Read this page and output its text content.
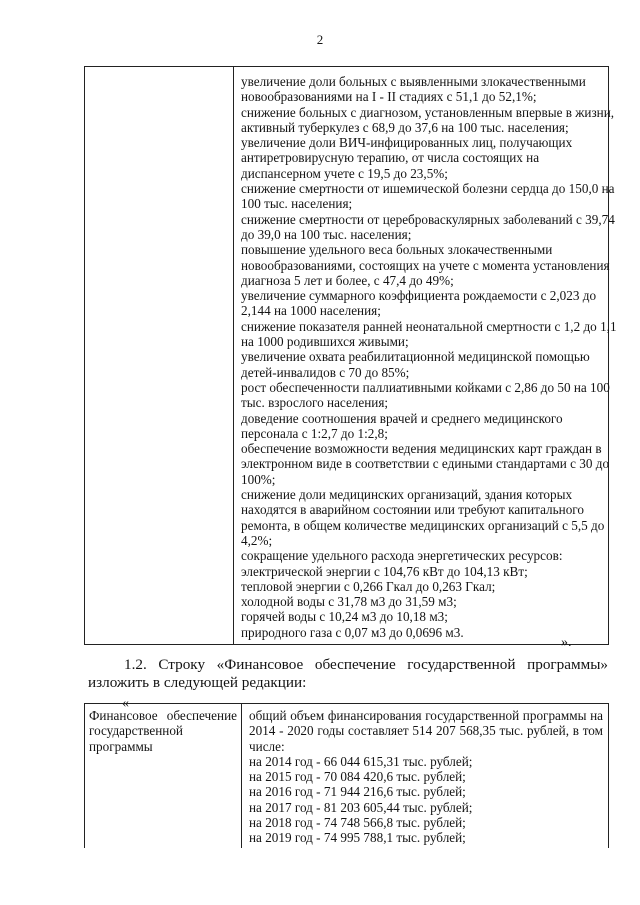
2

увеличение доли больных с выявленными злокачественными
новообразованиями на I - II стадиях с 51,1 до 52,1%;
снижение больных с диагнозом, установленным впервые в жизни,
активный туберкулез с 68,9 до 37,6 на 100 тыс. населения;
увеличение доли ВИЧ-инфицированных лиц, получающих
антиретровирусную терапию, от числа состоящих на
диспансерном учете с 19,5 до 23,5%;
снижение смертности от ишемической болезни сердца до 150,0 на
100 тыс. населения;
снижение смертности от цереброваскулярных заболеваний с 39,74
до 39,0 на 100 тыс. населения;
повышение удельного веса больных злокачественными
новообразованиями, состоящих на учете с момента установления
диагноза 5 лет и более, с 47,4 до 49%;
увеличение суммарного коэффициента рождаемости с 2,023 до
2,144 на 1000 населения;
снижение показателя ранней неонатальной смертности с 1,2 до 1,1
на 1000 родившихся живыми;
увеличение охвата реабилитационной медицинской помощью
детей-инвалидов с 70 до 85%;
рост обеспеченности паллиативными койками с 2,86 до 50 на 100
тыс. взрослого населения;
доведение соотношения врачей и среднего медицинского
персонала с 1:2,7 до 1:2,8;
обеспечение возможности ведения медицинских карт граждан в
электронном виде в соответствии с едиными стандартами с 30 до
100%;
снижение доли медицинских организаций, здания которых
находятся в аварийном состоянии или требуют капитального
ремонта, в общем количестве медицинских организаций с 5,5 до
4,2%;
сокращение удельного расхода энергетических ресурсов:
электрической энергии с 104,76 кВт до 104,13 кВт;
тепловой энергии с 0,266 Гкал до 0,263 Гкал;
холодной воды с 31,78 м3 до 31,59 м3;
горячей воды с 10,24 м3 до 10,18 м3;
природного газа с 0,07 м3 до 0,0696 м3.
».
1.2. Строку «Финансовое обеспечение государственной программы» изложить в следующей редакции:
«
Финансовое обеспечение государственной программы

общий объем финансирования государственной программы на 2014 - 2020 годы составляет 514 207 568,35 тыс. рублей, в том числе:
на 2014 год - 66 044 615,31 тыс. рублей;
на 2015 год - 70 084 420,6 тыс. рублей;
на 2016 год - 71 944 216,6 тыс. рублей;
на 2017 год - 81 203 605,44 тыс. рублей;
на 2018 год - 74 748 566,8 тыс. рублей;
на 2019 год - 74 995 788,1 тыс. рублей;
